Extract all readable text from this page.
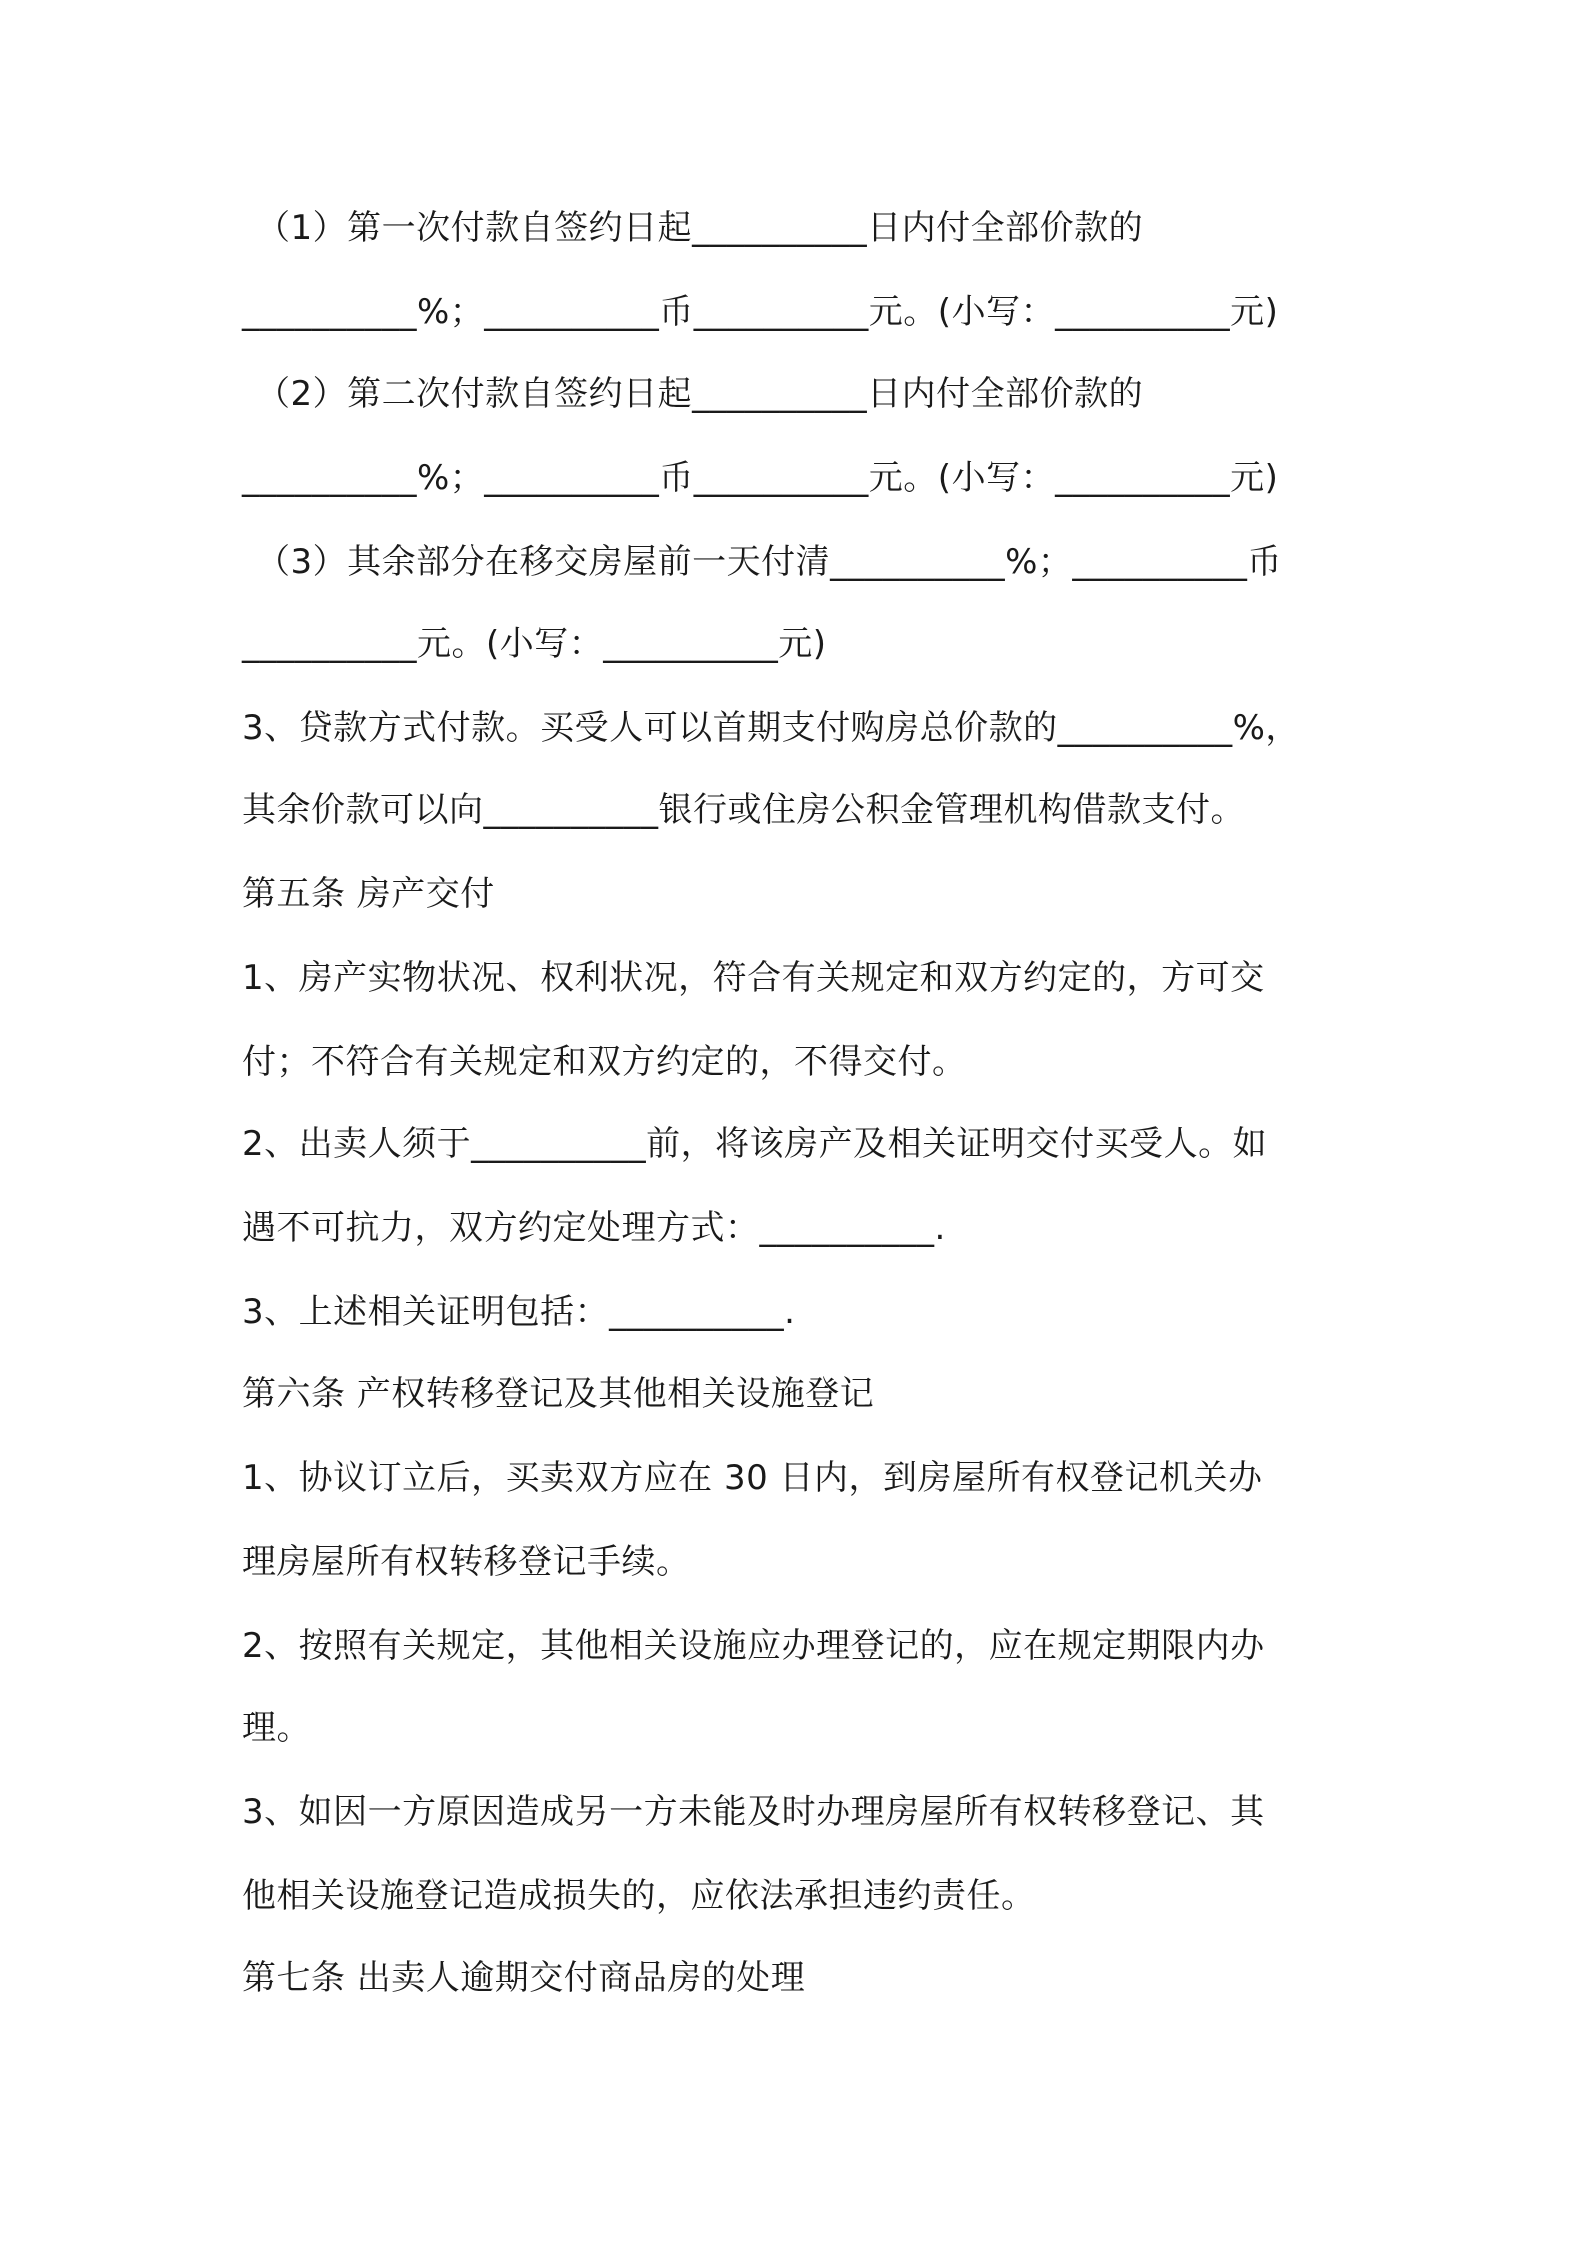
（1）第一次付款自签约日起__________日内付全部价款的
__________%；__________币__________元。(小写：__________元)
（2）第二次付款自签约日起__________日内付全部价款的
__________%；__________币__________元。(小写：__________元)
（3）其余部分在移交房屋前一天付清__________%；__________币
__________元。(小写：__________元)
3、贷款方式付款。买受人可以首期支付购房总价款的__________%，
其余价款可以向__________银行或住房公积金管理机构借款支付。
第五条 房产交付
1、房产实物状况、权利状况，符合有关规定和双方约定的，方可交
付；不符合有关规定和双方约定的，不得交付。
2、出卖人须于__________前，将该房产及相关证明交付买受人。如
遇不可抗力，双方约定处理方式：__________.
3、上述相关证明包括：__________.
第六条 产权转移登记及其他相关设施登记
1、协议订立后，买卖双方应在 30 日内，到房屋所有权登记机关办
理房屋所有权转移登记手续。
2、按照有关规定，其他相关设施应办理登记的，应在规定期限内办
理。
3、如因一方原因造成另一方未能及时办理房屋所有权转移登记、其
他相关设施登记造成损失的，应依法承担违约责任。
第七条 出卖人逾期交付商品房的处理
